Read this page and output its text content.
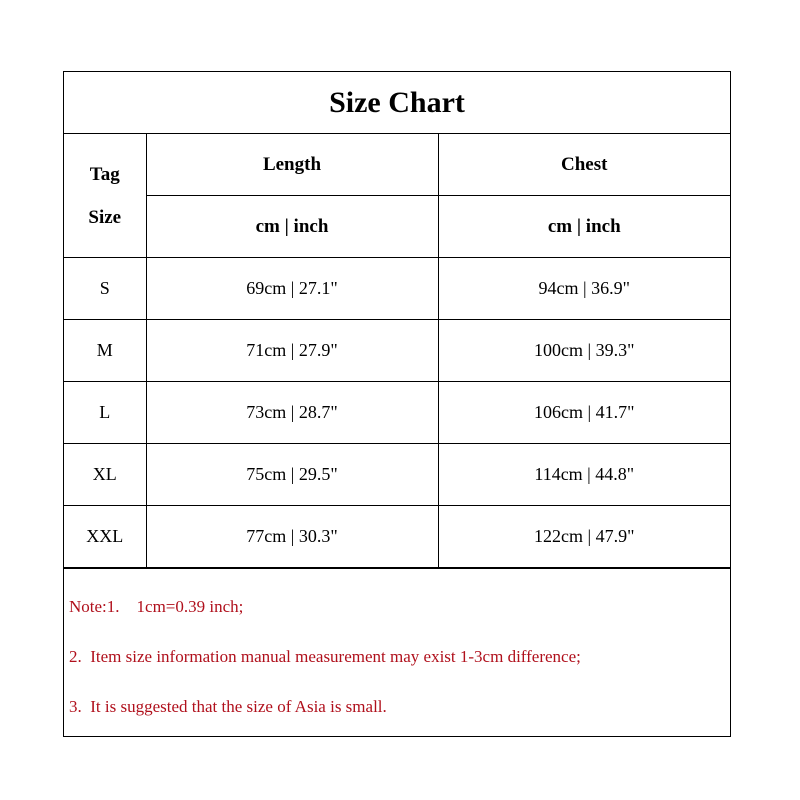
Size Chart
Tag
Size	Length	Chest
	cm | inch	cm | inch
S	69cm | 27.1"	94cm | 36.9"
M	71cm | 27.9"	100cm | 39.3"
L	73cm | 28.7"	106cm | 41.7"
XL	75cm | 29.5"	114cm | 44.8"
XXL	77cm | 30.3"	122cm | 47.9"
Note:1.    1cm=0.39 inch;
2.  Item size information manual measurement may exist 1-3cm difference;
3.  It is suggested that the size of Asia is small.
